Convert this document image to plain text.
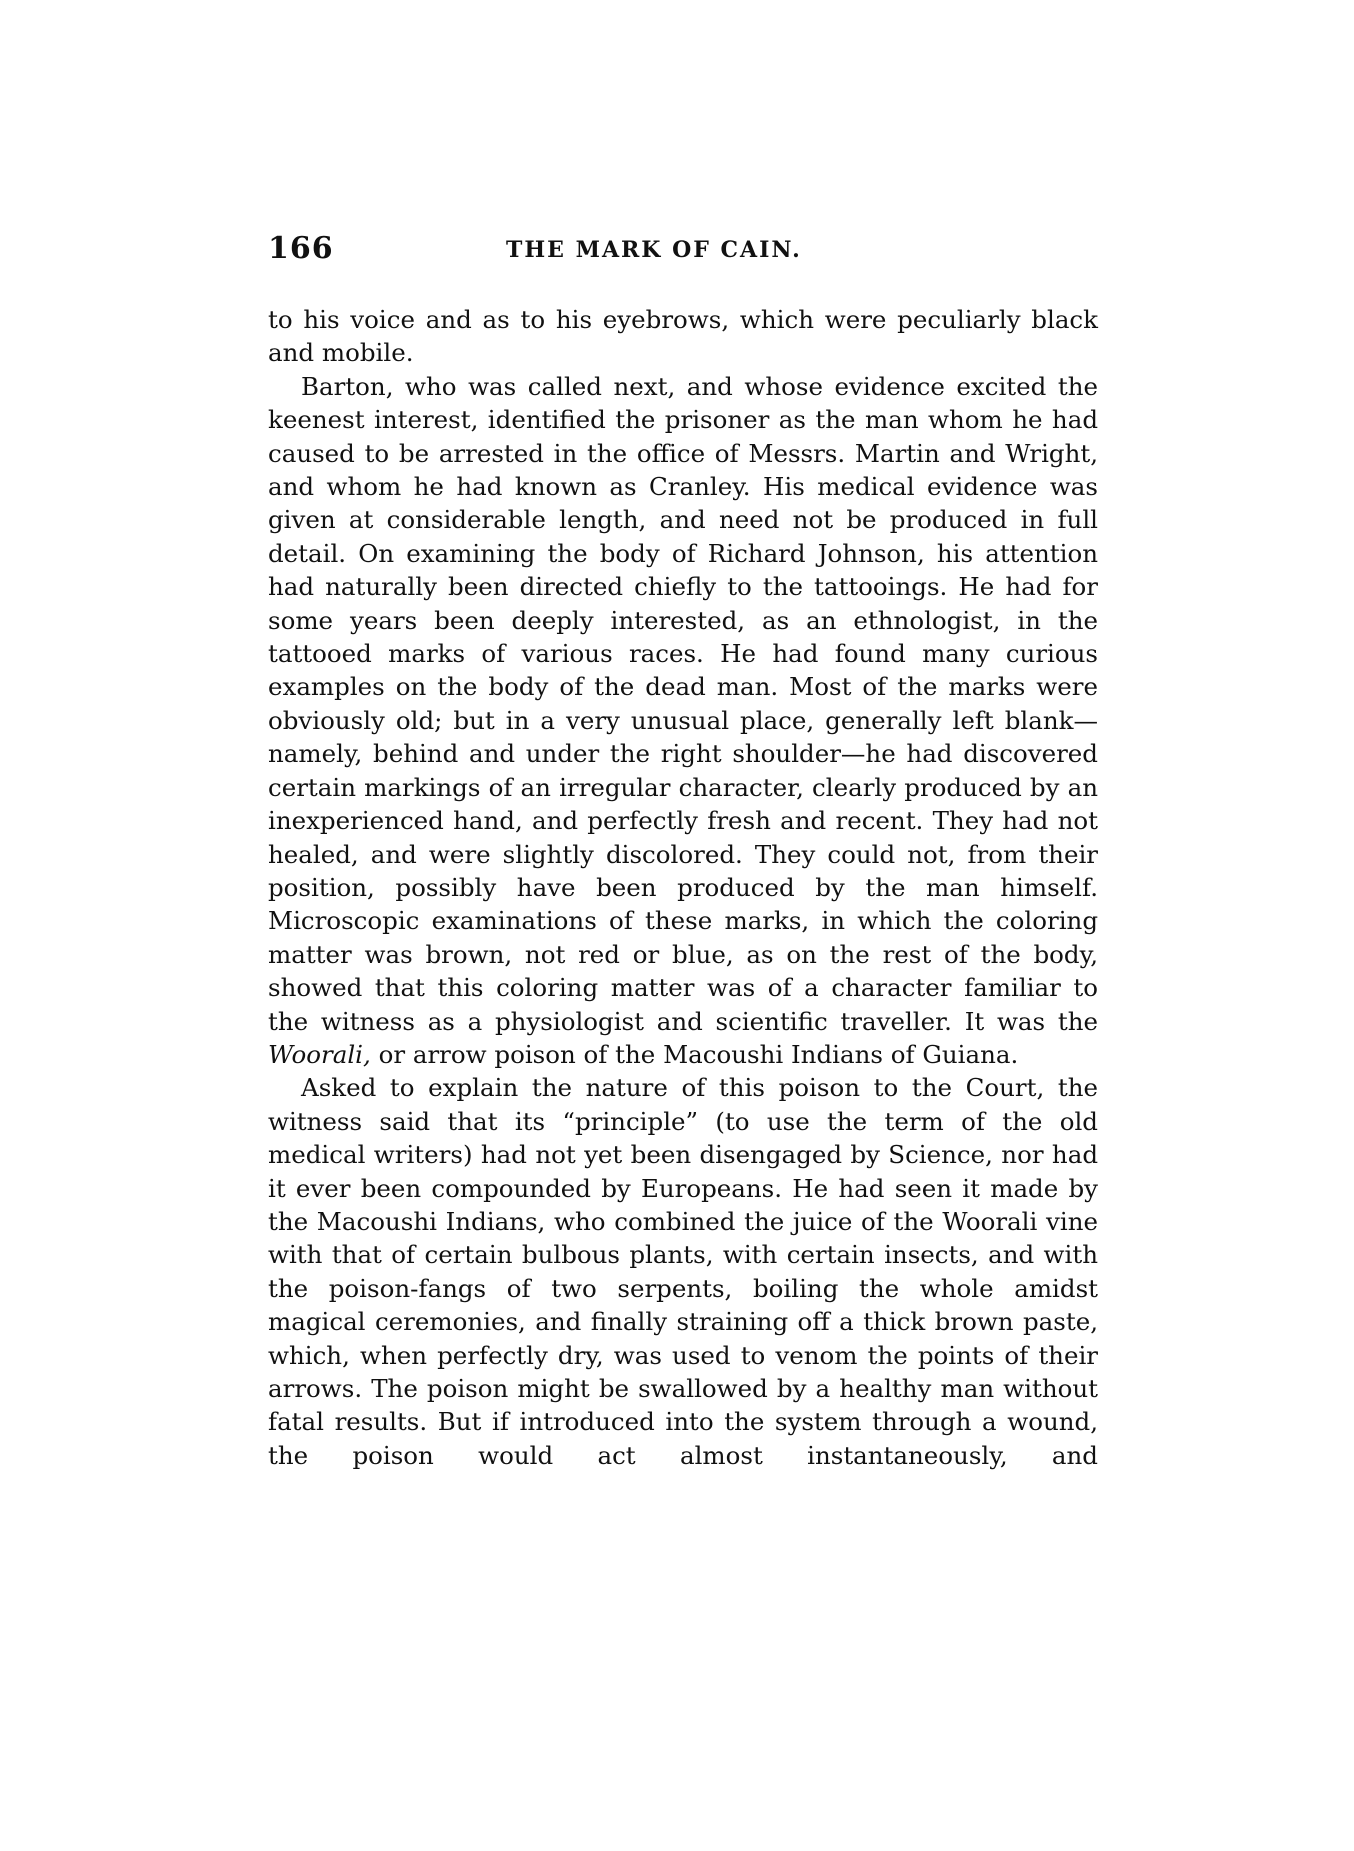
166	THE MARK OF CAIN.

to his voice and as to his eyebrows, which were peculiarly black and mobile.

Barton, who was called next, and whose evidence excited the keenest interest, identified the prisoner as the man whom he had caused to be arrested in the office of Messrs. Martin and Wright, and whom he had known as Cranley. His medical evidence was given at considerable length, and need not be produced in full detail. On examining the body of Richard Johnson, his attention had naturally been directed chiefly to the tattooings. He had for some years been deeply interested, as an ethnologist, in the tattooed marks of various races. He had found many curious examples on the body of the dead man. Most of the marks were obviously old; but in a very unusual place, generally left blank—namely, behind and under the right shoulder—he had discovered certain markings of an irregular character, clearly produced by an inexperienced hand, and perfectly fresh and recent. They had not healed, and were slightly discolored. They could not, from their position, possibly have been produced by the man himself. Microscopic examinations of these marks, in which the coloring matter was brown, not red or blue, as on the rest of the body, showed that this coloring matter was of a character familiar to the witness as a physiologist and scientific traveller. It was the Woorali, or arrow poison of the Macoushi Indians of Guiana.

Asked to explain the nature of this poison to the Court, the witness said that its “principle” (to use the term of the old medical writers) had not yet been disengaged by Science, nor had it ever been compounded by Europeans. He had seen it made by the Macoushi Indians, who combined the juice of the Woorali vine with that of certain bulbous plants, with certain insects, and with the poison-fangs of two serpents, boiling the whole amidst magical ceremonies, and finally straining off a thick brown paste, which, when perfectly dry, was used to venom the points of their arrows. The poison might be swallowed by a healthy man without fatal results. But if introduced into the system through a wound, the poison would act almost instantaneously, and
